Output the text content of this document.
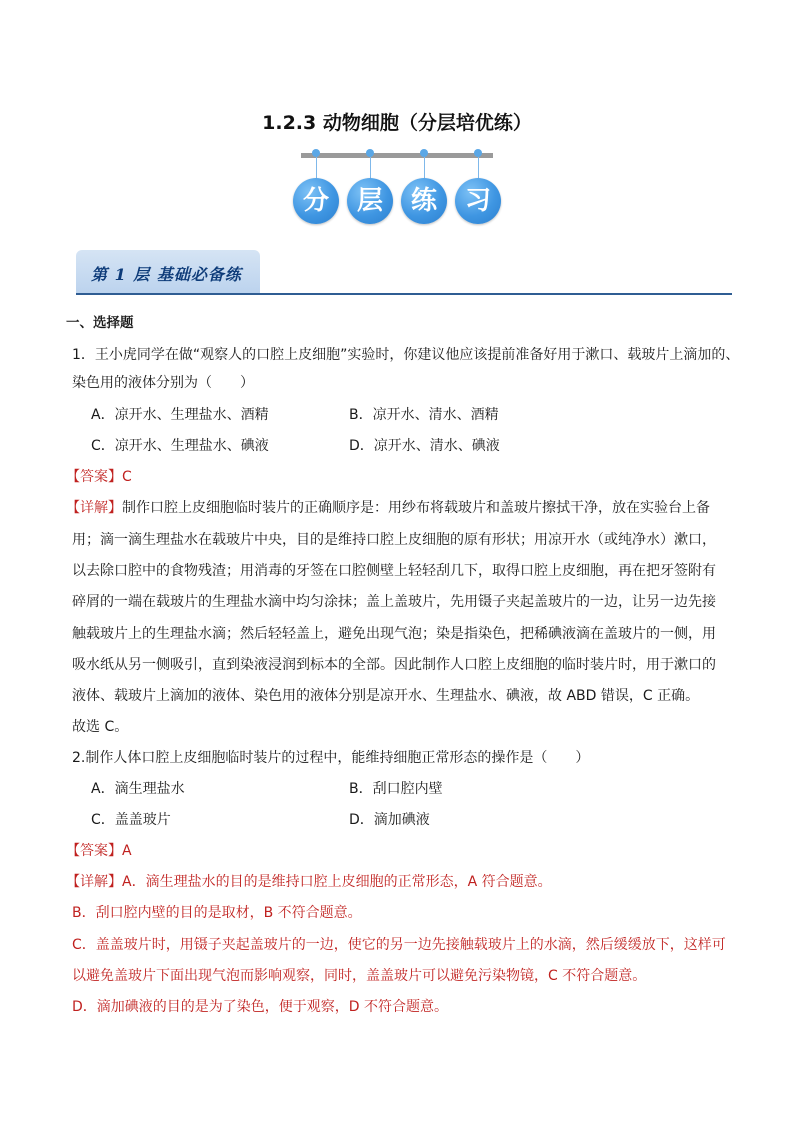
1.2.3 动物细胞（分层培优练）
分	层	练	习
第 1 层 基础必备练
一、选择题
1．王小虎同学在做“观察人的口腔上皮细胞”实验时，你建议他应该提前准备好用于漱口、载玻片上滴加的、
染色用的液体分别为（　　）
A．凉开水、生理盐水、酒精	B．凉开水、清水、酒精
C．凉开水、生理盐水、碘液	D．凉开水、清水、碘液
【答案】C
【详解】制作口腔上皮细胞临时装片的正确顺序是：用纱布将载玻片和盖玻片擦拭干净，放在实验台上备
用；滴一滴生理盐水在载玻片中央，目的是维持口腔上皮细胞的原有形状；用凉开水（或纯净水）漱口，
以去除口腔中的食物残渣；用消毒的牙签在口腔侧壁上轻轻刮几下，取得口腔上皮细胞，再在把牙签附有
碎屑的一端在载玻片的生理盐水滴中均匀涂抹；盖上盖玻片，先用镊子夹起盖玻片的一边，让另一边先接
触载玻片上的生理盐水滴；然后轻轻盖上，避免出现气泡；染是指染色，把稀碘液滴在盖玻片的一侧，用
吸水纸从另一侧吸引，直到染液浸润到标本的全部。因此制作人口腔上皮细胞的临时装片时，用于漱口的
液体、载玻片上滴加的液体、染色用的液体分别是凉开水、生理盐水、碘液，故 ABD 错误，C 正确。
故选 C。
2.制作人体口腔上皮细胞临时装片的过程中，能维持细胞正常形态的操作是（　　）
A．滴生理盐水	B．刮口腔内壁
C．盖盖玻片	D．滴加碘液
【答案】A
【详解】A．滴生理盐水的目的是维持口腔上皮细胞的正常形态，A 符合题意。
B．刮口腔内壁的目的是取材，B 不符合题意。
C．盖盖玻片时，用镊子夹起盖玻片的一边，使它的另一边先接触载玻片上的水滴，然后缓缓放下，这样可
以避免盖玻片下面出现气泡而影响观察，同时，盖盖玻片可以避免污染物镜，C 不符合题意。
D．滴加碘液的目的是为了染色，便于观察，D 不符合题意。
